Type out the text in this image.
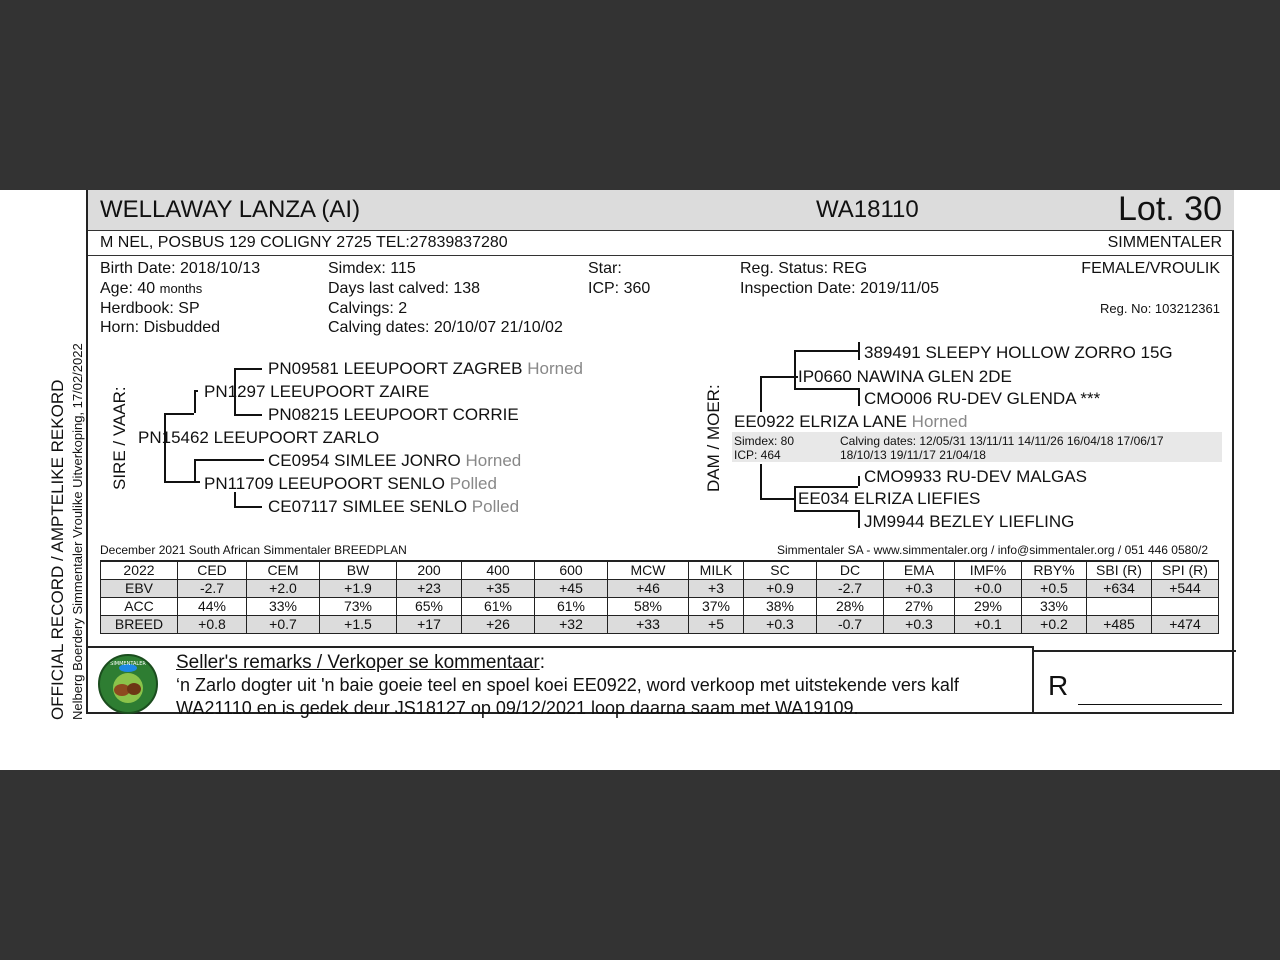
OFFICIAL RECORD / AMPTELIKE REKORD Nelberg Boerdery Simmentaler Vroulike Uitverkoping, 17/02/2022
WELLAWAY LANZA (AI)	WA18110	Lot. 30
M NEL, POSBUS 129 COLIGNY 2725 TEL:27839837280	SIMMENTALER
Birth Date: 2018/10/13
Age: 40 months
Herdbook: SP
Horn: Disbudded
Simdex: 115
Days last calved: 138
Calvings: 2
Calving dates: 20/10/07 21/10/02
Star:
ICP: 360
Reg. Status: REG
Inspection Date: 2019/11/05
FEMALE/VROULIK
Reg. No: 103212361
SIRE / VAAR: PN15462 LEEUPOORT ZARLO
PN1297 LEEUPOORT ZAIRE
PN09581 LEEUPOORT ZAGREB Horned
PN08215 LEEUPOORT CORRIE
PN11709 LEEUPOORT SENLO Polled
CE0954 SIMLEE JONRO Horned
CE07117 SIMLEE SENLO Polled
DAM / MOER:
389491 SLEEPY HOLLOW ZORRO 15G
IP0660 NAWINA GLEN 2DE
CMO006 RU-DEV GLENDA ***
EE0922 ELRIZA LANE Horned
Simdex: 80
ICP: 464
Calving dates: 12/05/31 13/11/11 14/11/26 16/04/18 17/06/17
18/10/13 19/11/17 21/04/18
CMO9933 RU-DEV MALGAS
EE034 ELRIZA LIEFIES
JM9944 BEZLEY LIEFLING
December 2021 South African Simmentaler BREEDPLAN	Simmentaler SA - www.simmentaler.org / info@simmentaler.org / 051 446 0580/2
2022	CED	CEM	BW	200	400	600	MCW	MILK	SC	DC	EMA	IMF%	RBY%	SBI (R)	SPI (R)
EBV	-2.7	+2.0	+1.9	+23	+35	+45	+46	+3	+0.9	-2.7	+0.3	+0.0	+0.5	+634	+544
ACC	44%	33%	73%	65%	61%	61%	58%	37%	38%	28%	27%	29%	33%		
BREED	+0.8	+0.7	+1.5	+17	+26	+32	+33	+5	+0.3	-0.7	+0.3	+0.1	+0.2	+485	+474
SIMMENTALER Seller's remarks / Verkoper se kommentaar:
‘n Zarlo dogter uit 'n baie goeie teel en spoel koei EE0922, word verkoop met uitstekende vers kalf
WA21110 en is gedek deur JS18127 op 09/12/2021 loop daarna saam met WA19109.
R
